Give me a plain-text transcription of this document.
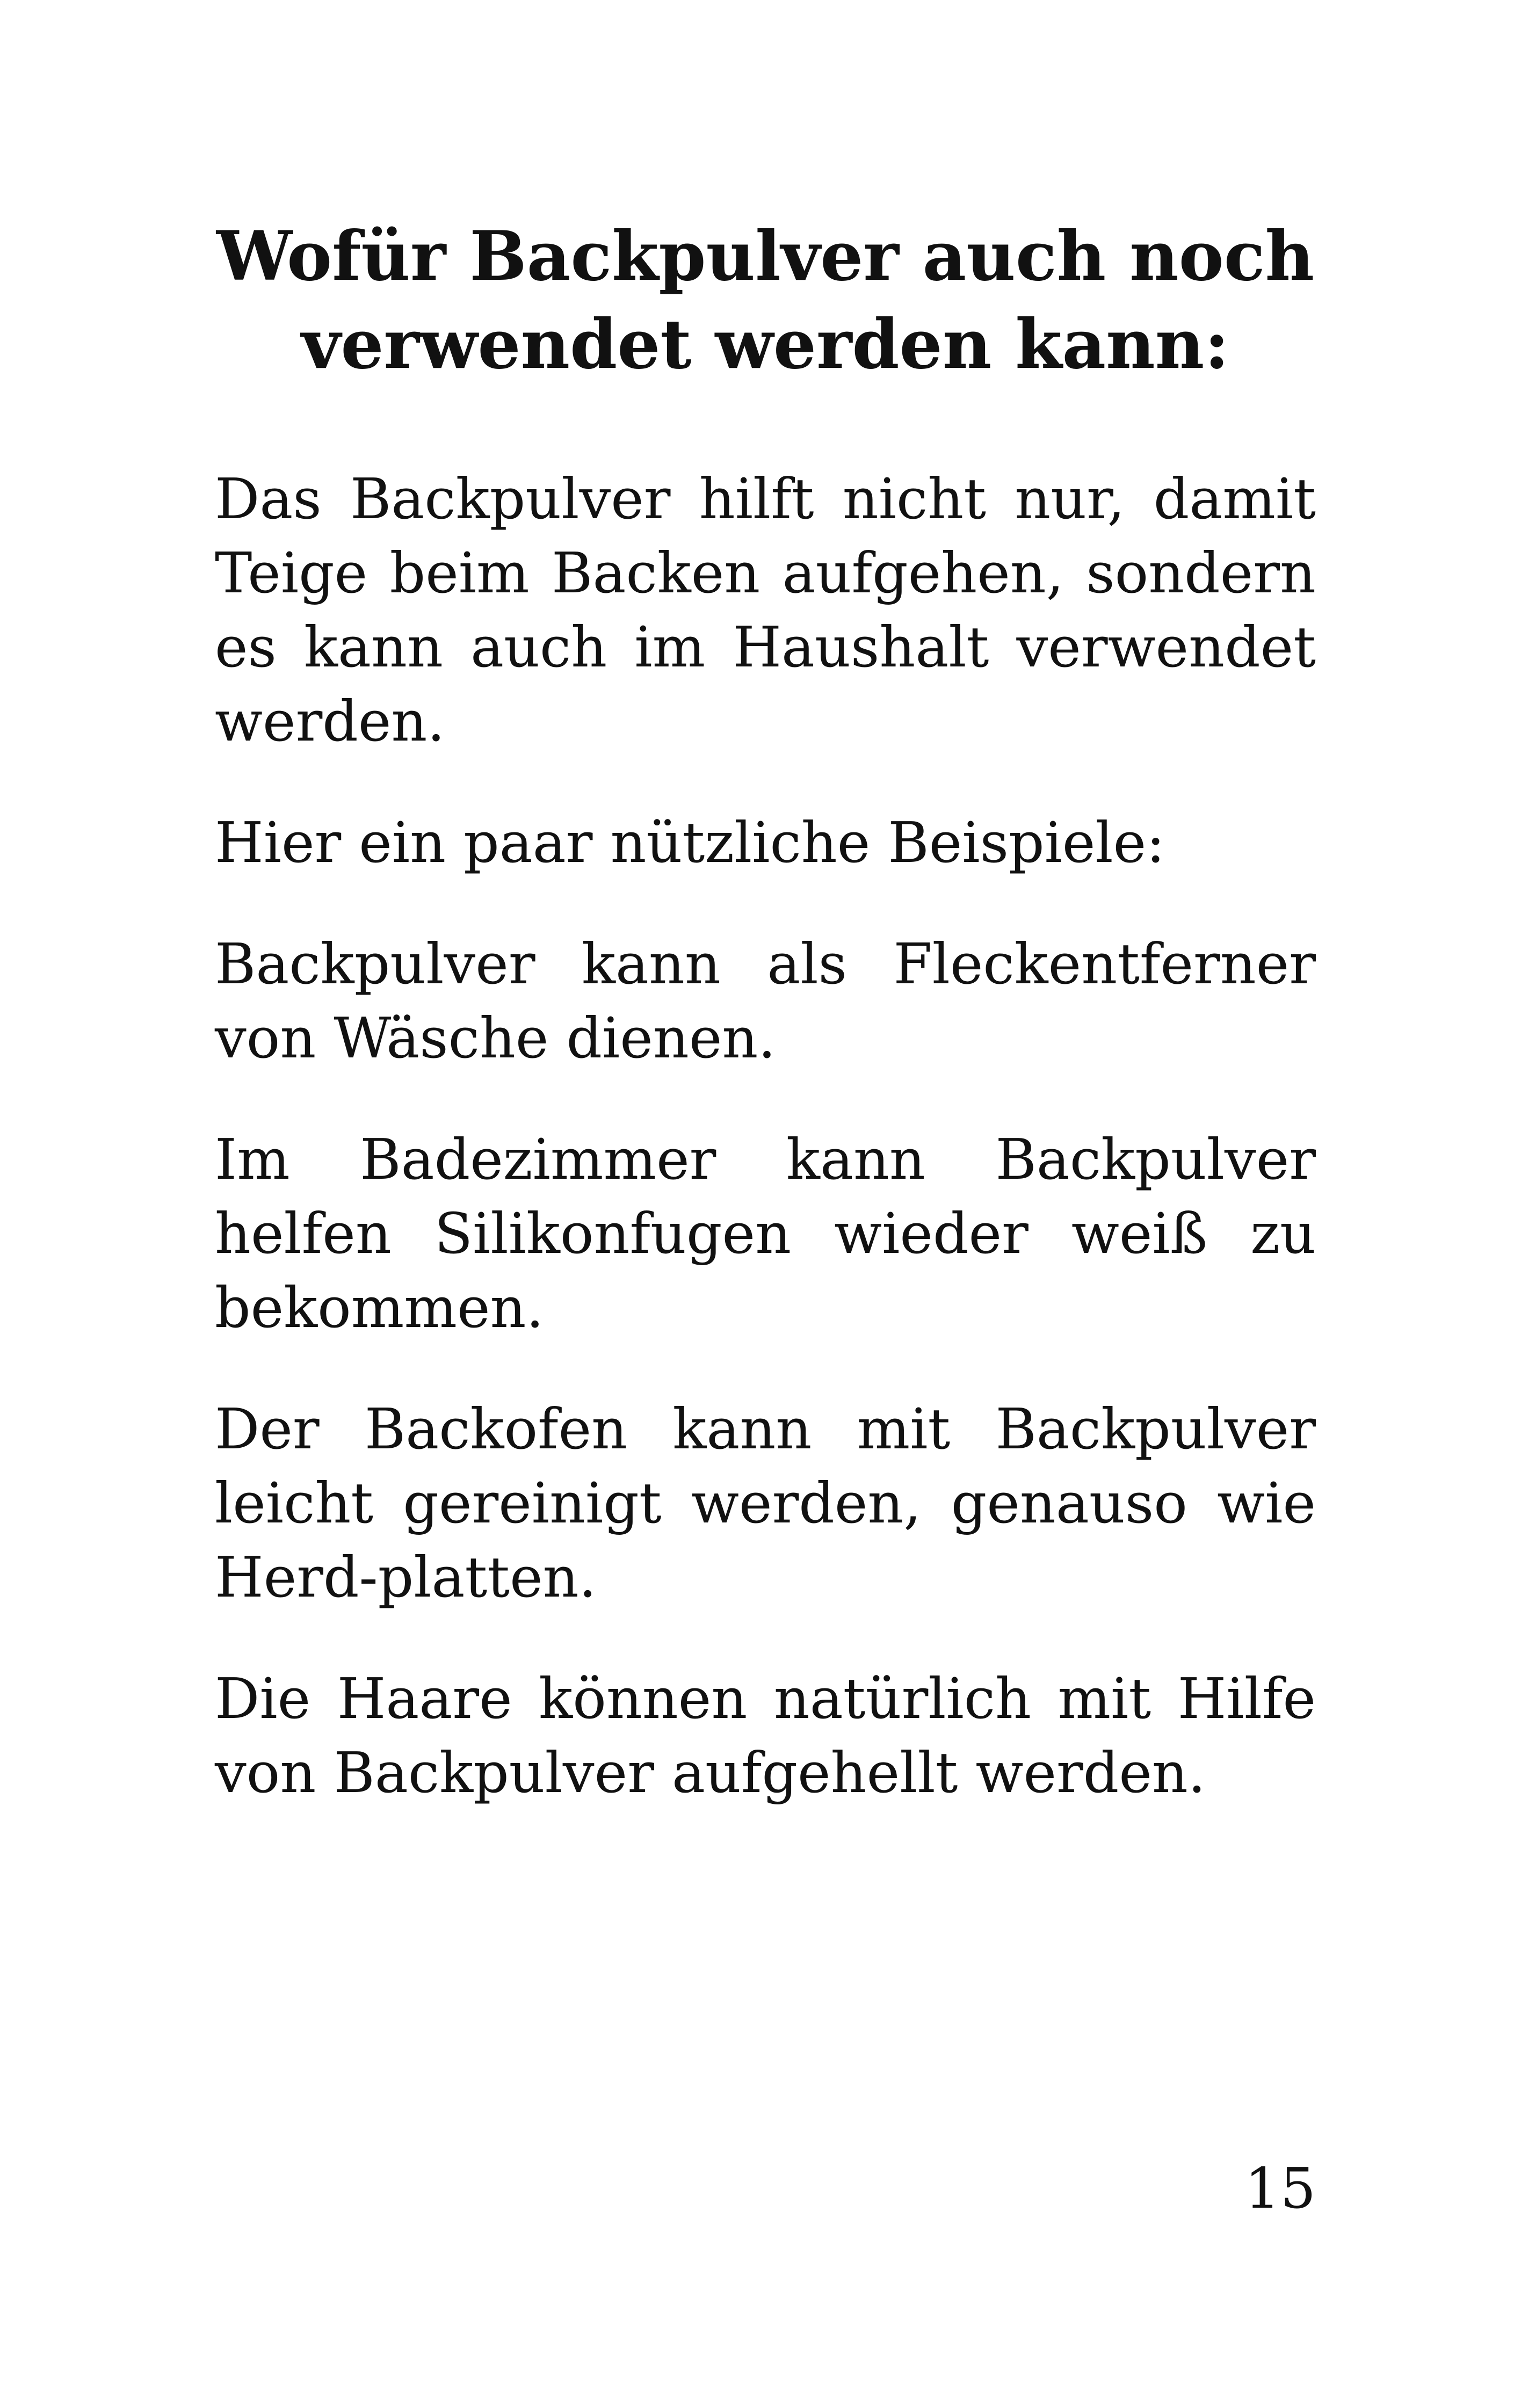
Wofür Backpulver auch noch verwendet werden kann:

Das Backpulver hilft nicht nur, damit Teige beim Backen aufgehen, sondern es kann auch im Haushalt verwendet werden.

Hier ein paar nützliche Beispiele:

Backpulver kann als Fleckentferner von Wäsche dienen.

Im Badezimmer kann Backpulver helfen Silikonfugen wieder weiß zu bekommen.

Der Backofen kann mit Backpulver leicht gereinigt werden, genauso wie Herd-platten.

Die Haare können natürlich mit Hilfe von Backpulver aufgehellt werden.

15
